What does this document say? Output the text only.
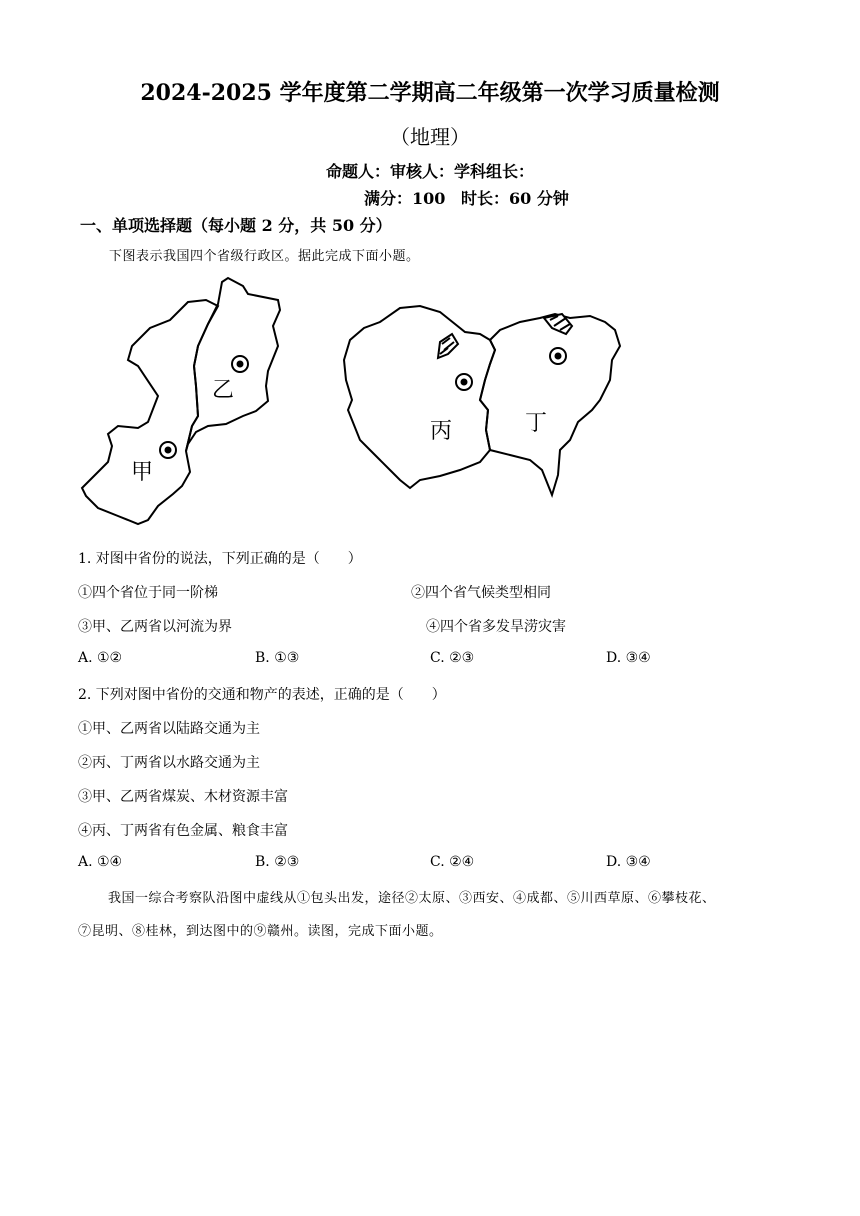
2024-2025 学年度第二学期高二年级第一次学习质量检测
（地理）
命题人：审核人：学科组长：
满分：100 时长：60 分钟
一、单项选择题（每小题 2 分，共 50 分）
下图表示我国四个省级行政区。据此完成下面小题。
乙
甲
丙	丁
1. 对图中省份的说法，下列正确的是（　　）
①四个省位于同一阶梯	②四个省气候类型相同
③甲、乙两省以河流为界	④四个省多发旱涝灾害
A. ①②	B. ①③	C. ②③	D. ③④
2. 下列对图中省份的交通和物产的表述，正确的是（　　）
①甲、乙两省以陆路交通为主
②丙、丁两省以水路交通为主
③甲、乙两省煤炭、木材资源丰富
④丙、丁两省有色金属、粮食丰富
A. ①④	B. ②③	C. ②④	D. ③④
我国一综合考察队沿图中虚线从①包头出发，途径②太原、③西安、④成都、⑤川西草原、⑥攀枝花、
⑦昆明、⑧桂林，到达图中的⑨赣州。读图，完成下面小题。
